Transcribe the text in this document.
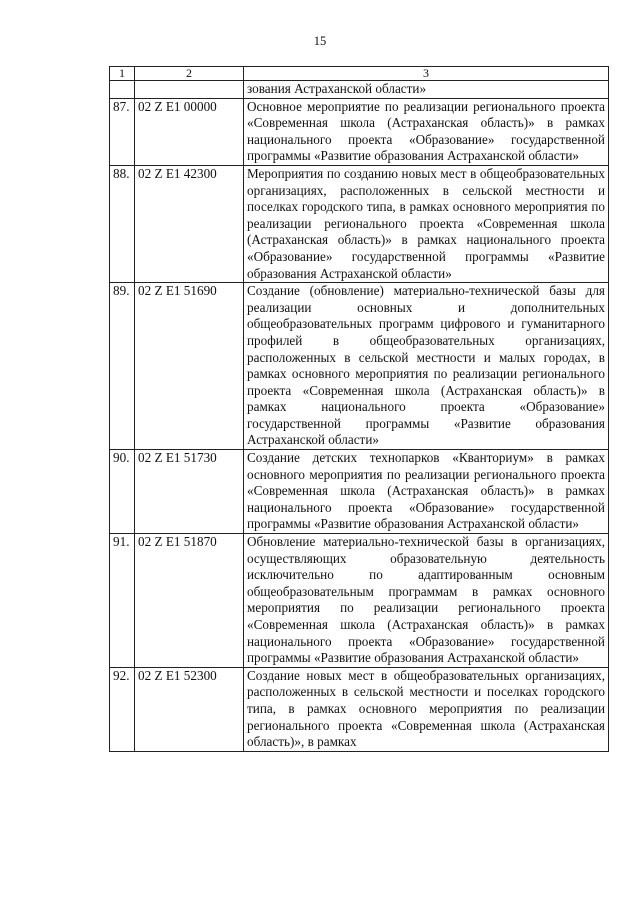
15
1	2	3
		зования Астраханской области»
87.	02 Z E1 00000	Основное мероприятие по реализации регионального проекта «Современная школа (Астраханская область)» в рамках национального проекта «Образование» государственной программы «Развитие образования Астраханской области»
88.	02 Z E1 42300	Мероприятия по созданию новых мест в общеобразовательных организациях, расположенных в сельской местности и поселках городского типа, в рамках основного мероприятия по реализации регионального проекта «Современная школа (Астраханская область)» в рамках национального проекта «Образование» государственной программы «Развитие образования Астраханской области»
89.	02 Z E1 51690	Создание (обновление) материально-технической базы для реализации основных и дополнительных общеобразовательных программ цифрового и гуманитарного профилей в общеобразовательных организациях, расположенных в сельской местности и малых городах, в рамках основного мероприятия по реализации регионального проекта «Современная школа (Астраханская область)» в рамках национального проекта «Образование» государственной программы «Развитие образования Астраханской области»
90.	02 Z E1 51730	Создание детских технопарков «Кванториум» в рамках основного мероприятия по реализации регионального проекта «Современная школа (Астраханская область)» в рамках национального проекта «Образование» государственной программы «Развитие образования Астраханской области»
91.	02 Z E1 51870	Обновление материально-технической базы в организациях, осуществляющих образовательную деятельность исключительно по адаптированным основным общеобразовательным программам в рамках основного мероприятия по реализации регионального проекта «Современная школа (Астраханская область)» в рамках национального проекта «Образование» государственной программы «Развитие образования Астраханской области»
92.	02 Z E1 52300	Создание новых мест в общеобразовательных организациях, расположенных в сельской местности и поселках городского типа, в рамках основного мероприятия по реализации регионального проекта «Современная школа (Астраханская область)», в рамках
